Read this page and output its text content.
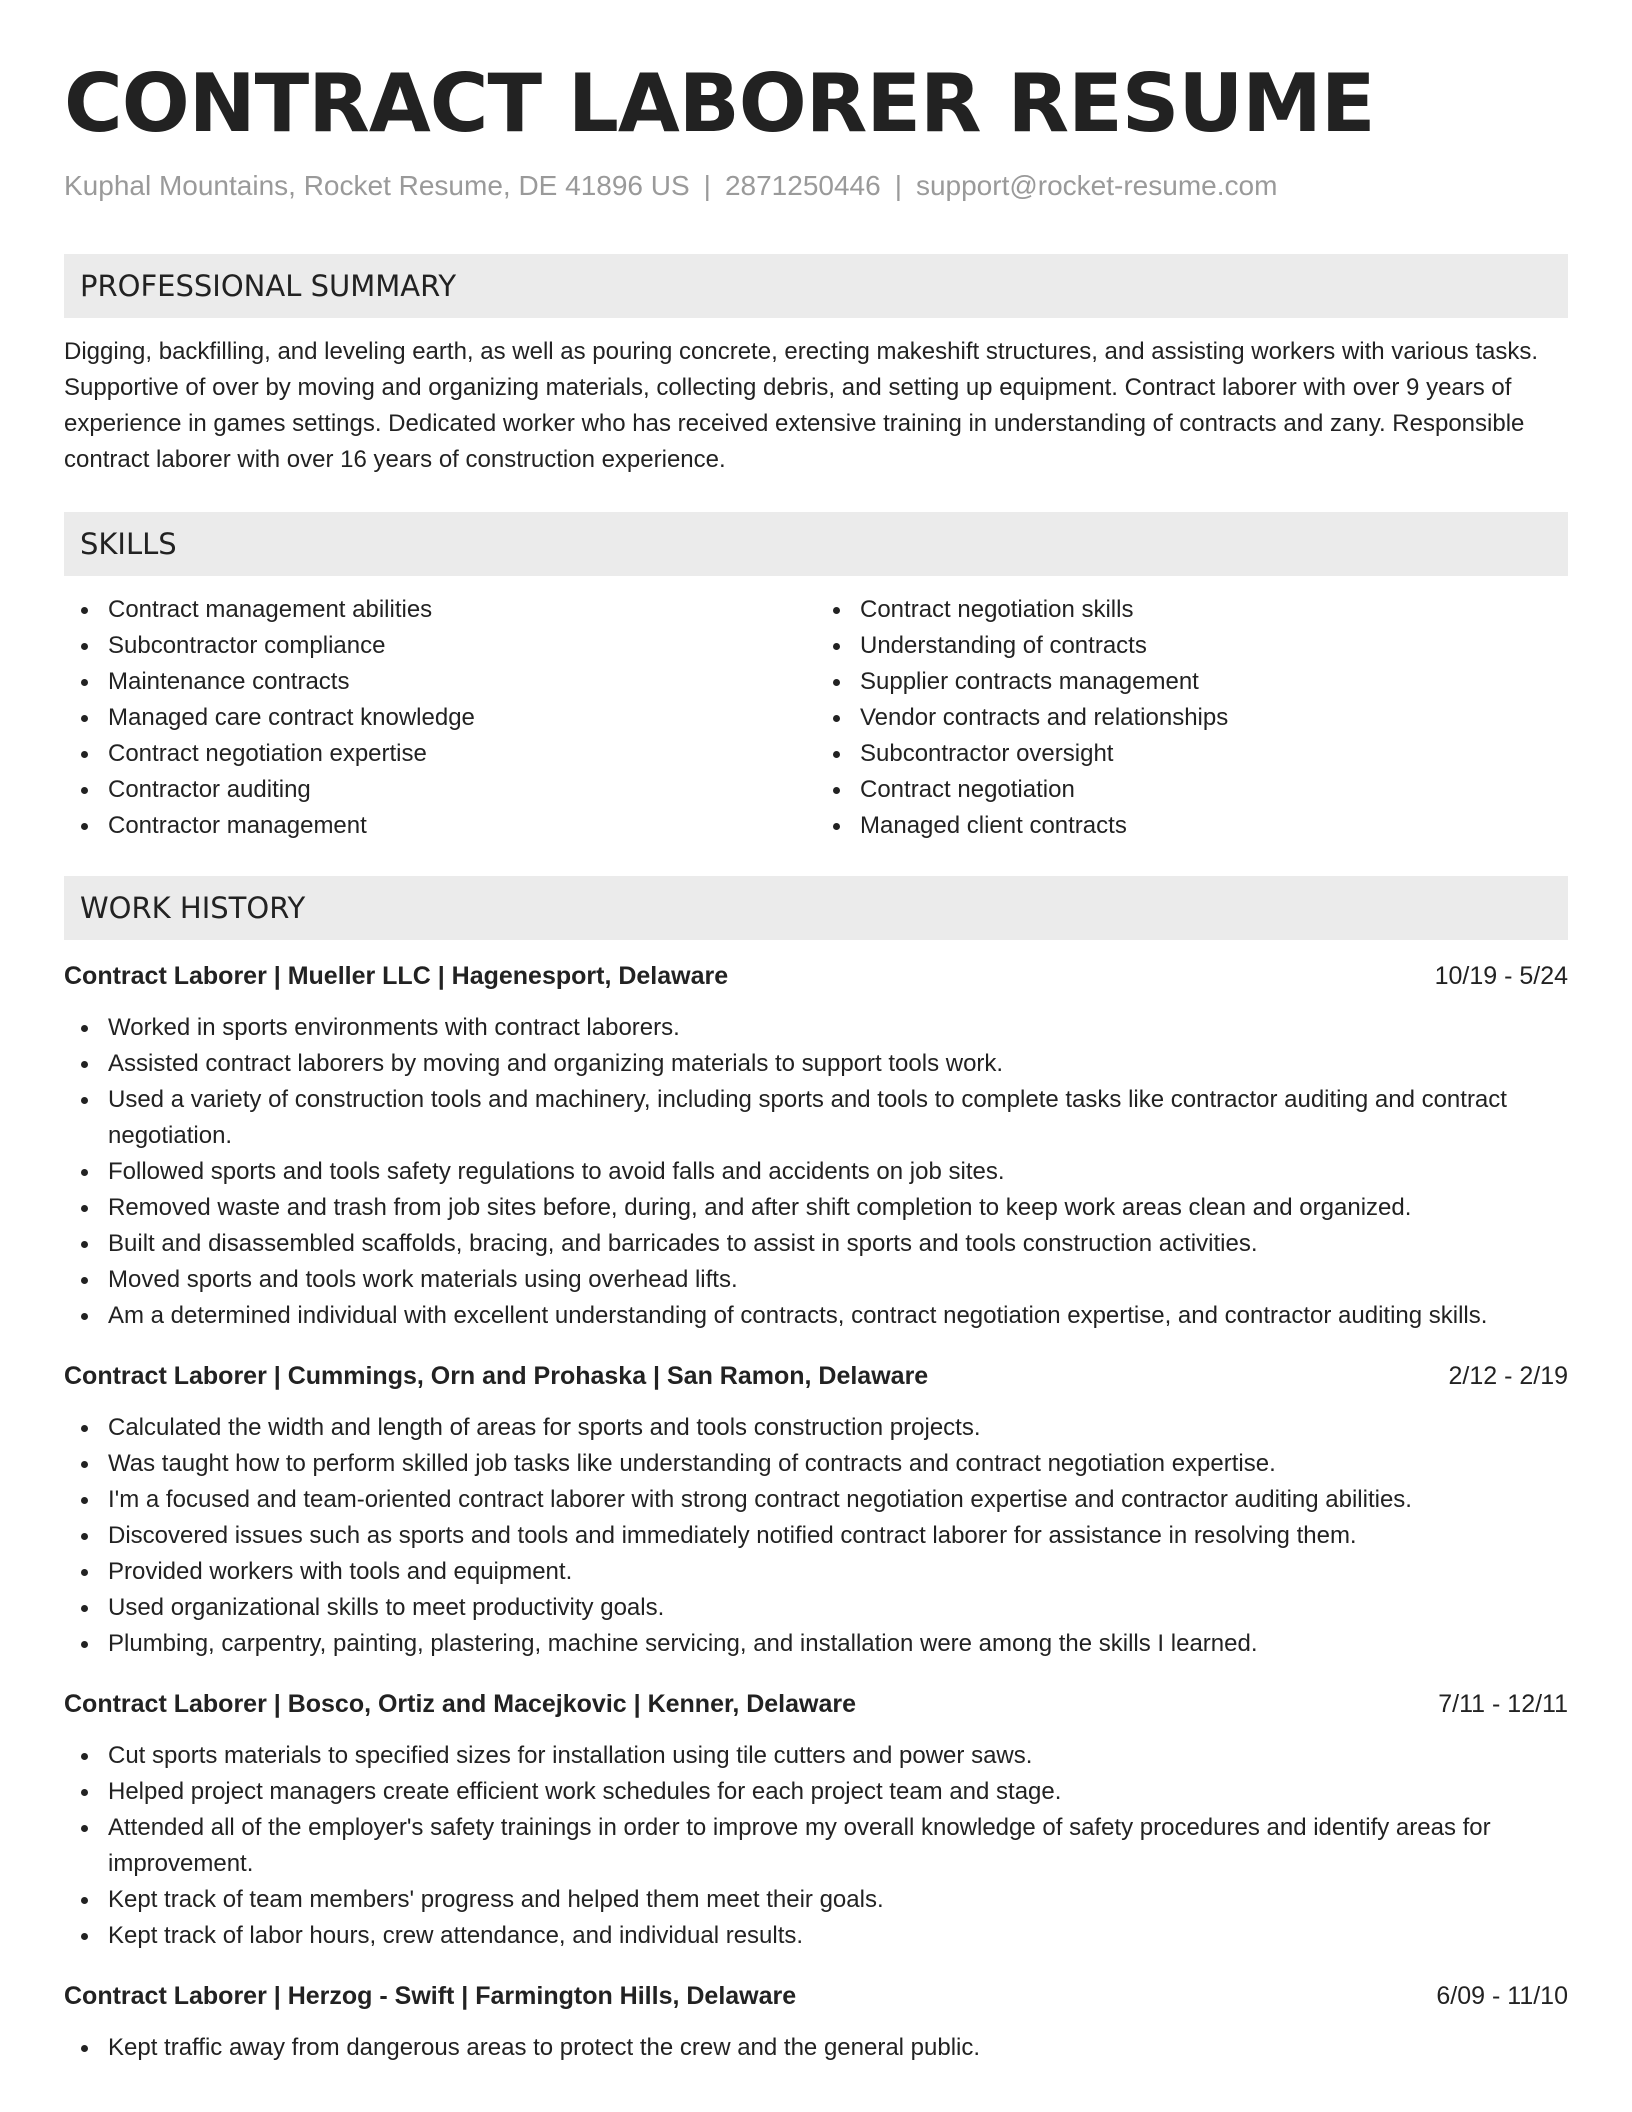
CONTRACT LABORER RESUME
Kuphal Mountains, Rocket Resume, DE 41896 US | 2871250446 | support@rocket-resume.com
PROFESSIONAL SUMMARY

Digging, backfilling, and leveling earth, as well as pouring concrete, erecting makeshift structures, and assisting workers with various tasks. Supportive of over by moving and organizing materials, collecting debris, and setting up equipment. Contract laborer with over 9 years of experience in games settings. Dedicated worker who has received extensive training in understanding of contracts and zany. Responsible contract laborer with over 16 years of construction experience.

SKILLS
Contract management abilities
Subcontractor compliance
Maintenance contracts
Managed care contract knowledge
Contract negotiation expertise
Contractor auditing
Contractor management
Contract negotiation skills
Understanding of contracts
Supplier contracts management
Vendor contracts and relationships
Subcontractor oversight
Contract negotiation
Managed client contracts
WORK HISTORY
Contract Laborer | Mueller LLC | Hagenesport, Delaware	10/19 - 5/24
Worked in sports environments with contract laborers.
Assisted contract laborers by moving and organizing materials to support tools work.
Used a variety of construction tools and machinery, including sports and tools to complete tasks like contractor auditing and contract negotiation.
Followed sports and tools safety regulations to avoid falls and accidents on job sites.
Removed waste and trash from job sites before, during, and after shift completion to keep work areas clean and organized.
Built and disassembled scaffolds, bracing, and barricades to assist in sports and tools construction activities.
Moved sports and tools work materials using overhead lifts.
Am a determined individual with excellent understanding of contracts, contract negotiation expertise, and contractor auditing skills.
Contract Laborer | Cummings, Orn and Prohaska | San Ramon, Delaware	2/12 - 2/19
Calculated the width and length of areas for sports and tools construction projects.
Was taught how to perform skilled job tasks like understanding of contracts and contract negotiation expertise.
I'm a focused and team-oriented contract laborer with strong contract negotiation expertise and contractor auditing abilities.
Discovered issues such as sports and tools and immediately notified contract laborer for assistance in resolving them.
Provided workers with tools and equipment.
Used organizational skills to meet productivity goals.
Plumbing, carpentry, painting, plastering, machine servicing, and installation were among the skills I learned.
Contract Laborer | Bosco, Ortiz and Macejkovic | Kenner, Delaware	7/11 - 12/11
Cut sports materials to specified sizes for installation using tile cutters and power saws.
Helped project managers create efficient work schedules for each project team and stage.
Attended all of the employer's safety trainings in order to improve my overall knowledge of safety procedures and identify areas for improvement.
Kept track of team members' progress and helped them meet their goals.
Kept track of labor hours, crew attendance, and individual results.
Contract Laborer | Herzog - Swift | Farmington Hills, Delaware	6/09 - 11/10
Kept traffic away from dangerous areas to protect the crew and the general public.
